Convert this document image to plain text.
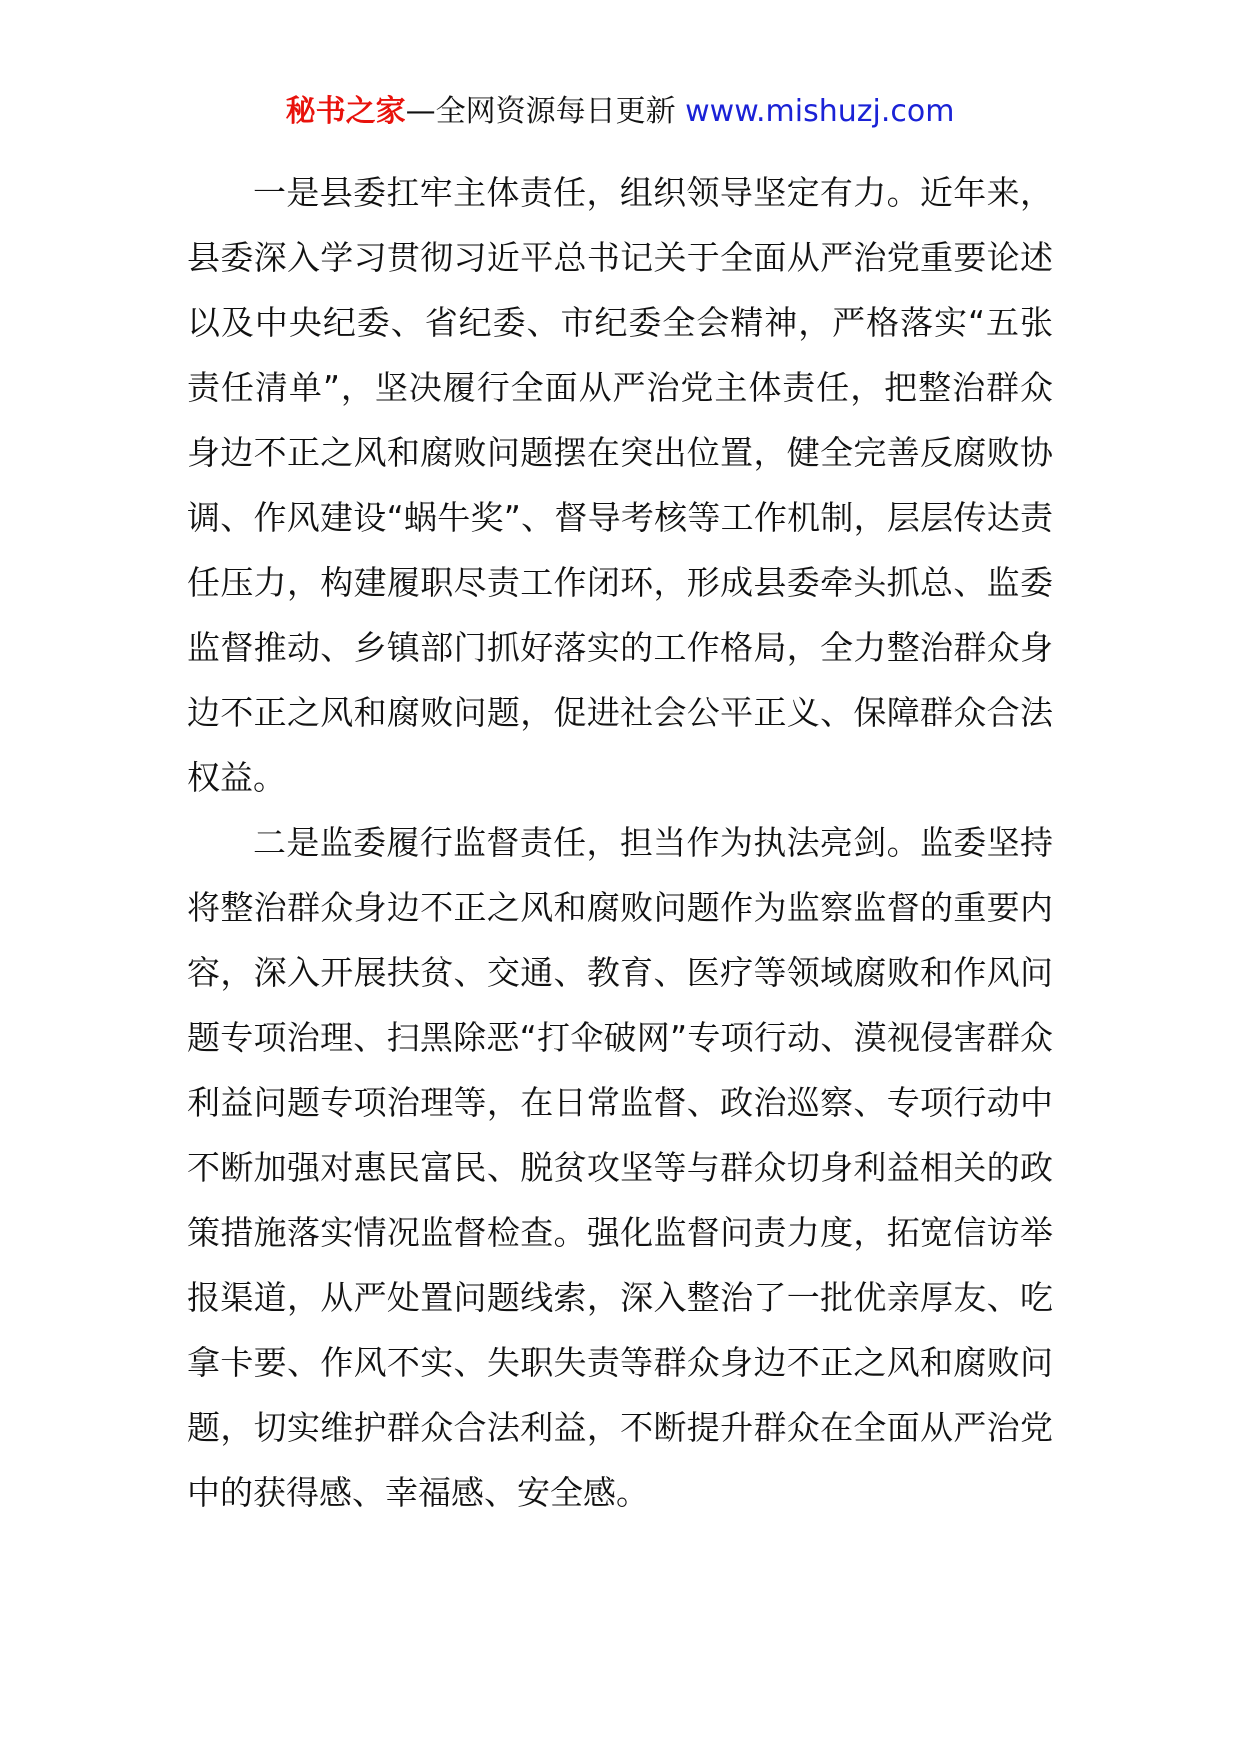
秘书之家—全网资源每日更新 www.mishuzj.com

一是县委扛牢主体责任，组织领导坚定有力。近年来，县委深入学习贯彻习近平总书记关于全面从严治党重要论述以及中央纪委、省纪委、市纪委全会精神，严格落实“五张责任清单”，坚决履行全面从严治党主体责任，把整治群众身边不正之风和腐败问题摆在突出位置，健全完善反腐败协调、作风建设“蜗牛奖”、督导考核等工作机制，层层传达责任压力，构建履职尽责工作闭环，形成县委牵头抓总、监委监督推动、乡镇部门抓好落实的工作格局，全力整治群众身边不正之风和腐败问题，促进社会公平正义、保障群众合法权益。

二是监委履行监督责任，担当作为执法亮剑。监委坚持将整治群众身边不正之风和腐败问题作为监察监督的重要内容，深入开展扶贫、交通、教育、医疗等领域腐败和作风问题专项治理、扫黑除恶“打伞破网”专项行动、漠视侵害群众利益问题专项治理等，在日常监督、政治巡察、专项行动中不断加强对惠民富民、脱贫攻坚等与群众切身利益相关的政策措施落实情况监督检查。强化监督问责力度，拓宽信访举报渠道，从严处置问题线索，深入整治了一批优亲厚友、吃拿卡要、作风不实、失职失责等群众身边不正之风和腐败问题，切实维护群众合法利益，不断提升群众在全面从严治党中的获得感、幸福感、安全感。
